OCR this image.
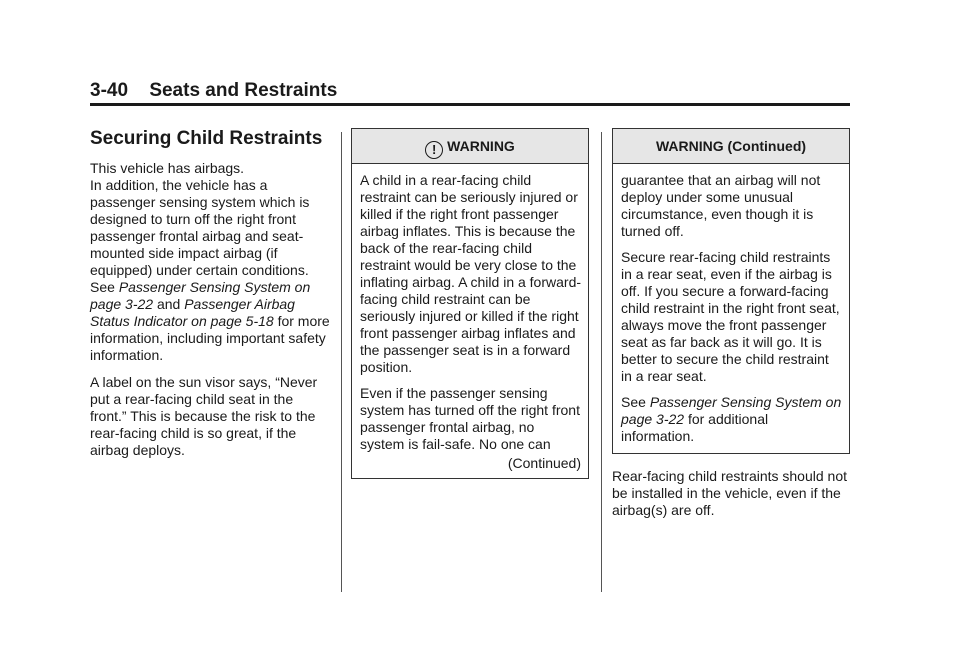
3-40 Seats and Restraints
Securing Child Restraints

This vehicle has airbags.
In addition, the vehicle has a passenger sensing system which is designed to turn off the right front passenger frontal airbag and seat-mounted side impact airbag (if equipped) under certain conditions. See Passenger Sensing System on page 3-22 and Passenger Airbag Status Indicator on page 5-18 for more information, including important safety information.

A label on the sun visor says, “Never put a rear-facing child seat in the front.” This is because the risk to the rear-facing child is so great, if the airbag deploys.

! WARNING

A child in a rear-facing child restraint can be seriously injured or killed if the right front passenger airbag inflates. This is because the back of the rear-facing child restraint would be very close to the inflating airbag. A child in a forward-facing child restraint can be seriously injured or killed if the right front passenger airbag inflates and the passenger seat is in a forward position.

Even if the passenger sensing system has turned off the right front passenger frontal airbag, no system is fail-safe. No one can

(Continued)
WARNING (Continued)

guarantee that an airbag will not deploy under some unusual circumstance, even though it is turned off.

Secure rear-facing child restraints in a rear seat, even if the airbag is off. If you secure a forward-facing child restraint in the right front seat, always move the front passenger seat as far back as it will go. It is better to secure the child restraint in a rear seat.

See Passenger Sensing System on page 3-22 for additional information.

Rear-facing child restraints should not be installed in the vehicle, even if the airbag(s) are off.
